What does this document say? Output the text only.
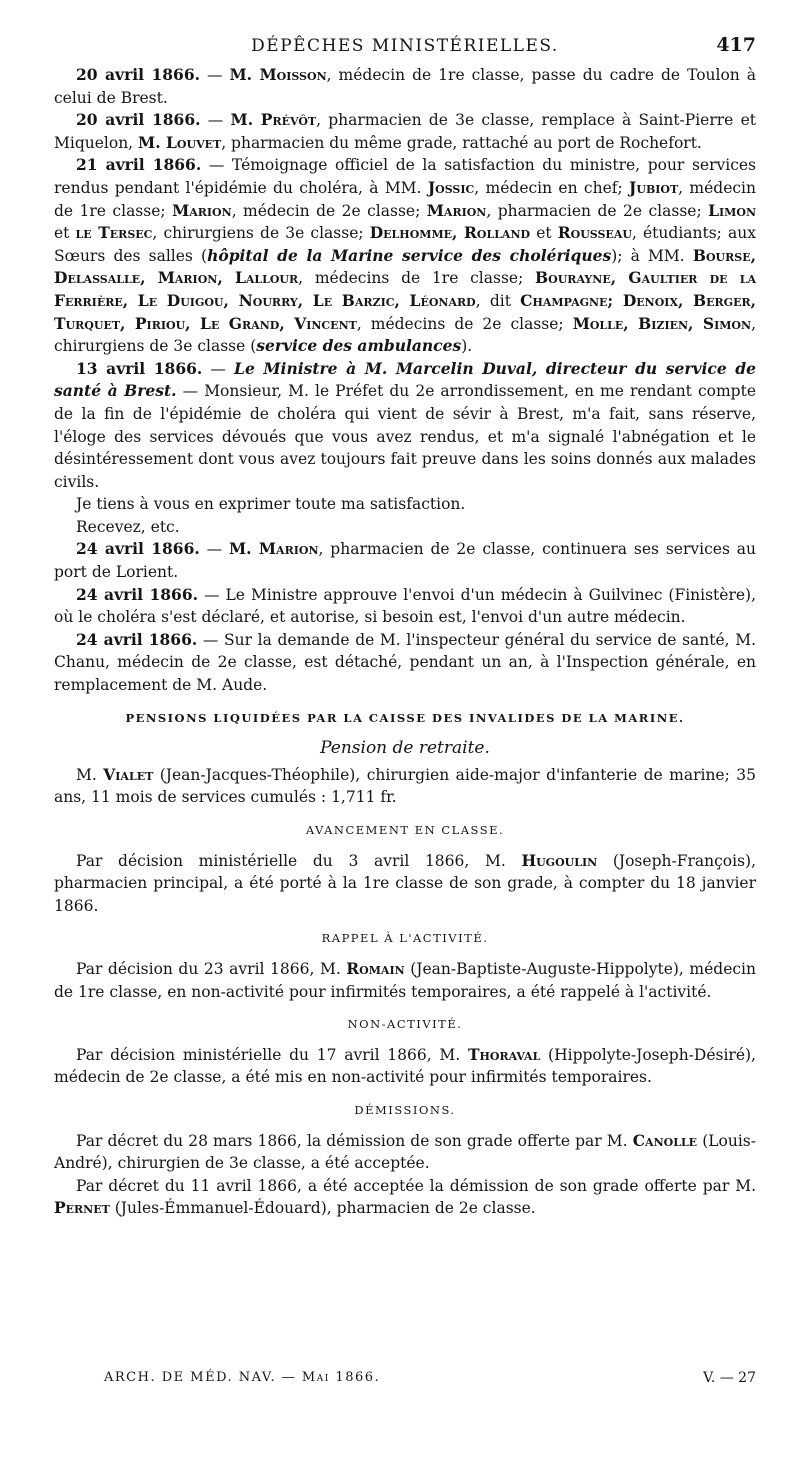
DÉPÊCHES MINISTÉRIELLES.	417

20 avril 1866. — M. Moisson, médecin de 1re classe, passe du cadre de Toulon à celui de Brest.

20 avril 1866. — M. Prévôt, pharmacien de 3e classe, remplace à Saint-Pierre et Miquelon, M. Louvet, pharmacien du même grade, rattaché au port de Rochefort.

21 avril 1866. — Témoignage officiel de la satisfaction du ministre, pour services rendus pendant l'épidémie du choléra, à MM. Jossic, médecin en chef; Jubiot, médecin de 1re classe; Marion, médecin de 2e classe; Marion, pharmacien de 2e classe; Limon et le Tersec, chirurgiens de 3e classe; Delhomme, Rolland et Rousseau, étudiants; aux Sœurs des salles (hôpital de la Marine service des cholériques); à MM. Bourse, Delassalle, Marion, Lallour, médecins de 1re classe; Bourayne, Gaultier de la Ferrière, Le Duigou, Nourry, Le Barzic, Léonard, dit Champagne; Denoix, Berger, Turquet, Piriou, Le Grand, Vincent, médecins de 2e classe; Molle, Bizien, Simon, chirurgiens de 3e classe (service des ambulances).

13 avril 1866. — Le Ministre à M. Marcelin Duval, directeur du service de santé à Brest. — Monsieur, M. le Préfet du 2e arrondissement, en me rendant compte de la fin de l'épidémie de choléra qui vient de sévir à Brest, m'a fait, sans réserve, l'éloge des services dévoués que vous avez rendus, et m'a signalé l'abnégation et le désintéressement dont vous avez toujours fait preuve dans les soins donnés aux malades civils.

Je tiens à vous en exprimer toute ma satisfaction.

Recevez, etc.

24 avril 1866. — M. Marion, pharmacien de 2e classe, continuera ses services au port de Lorient.

24 avril 1866. — Le Ministre approuve l'envoi d'un médecin à Guilvinec (Finistère), où le choléra s'est déclaré, et autorise, si besoin est, l'envoi d'un autre médecin.

24 avril 1866. — Sur la demande de M. l'inspecteur général du service de santé, M. Chanu, médecin de 2e classe, est détaché, pendant un an, à l'Inspection générale, en remplacement de M. Aude.

PENSIONS LIQUIDÉES PAR LA CAISSE DES INVALIDES DE LA MARINE.

Pension de retraite.

M. Vialet (Jean-Jacques-Théophile), chirurgien aide-major d'infanterie de marine; 35 ans, 11 mois de services cumulés : 1,711 fr.

AVANCEMENT EN CLASSE.

Par décision ministérielle du 3 avril 1866, M. Hugoulin (Joseph-François), pharmacien principal, a été porté à la 1re classe de son grade, à compter du 18 janvier 1866.

RAPPEL À L'ACTIVITÉ.

Par décision du 23 avril 1866, M. Romain (Jean-Baptiste-Auguste-Hippolyte), médecin de 1re classe, en non-activité pour infirmités temporaires, a été rappelé à l'activité.

NON-ACTIVITÉ.

Par décision ministérielle du 17 avril 1866, M. Thoraval (Hippolyte-Joseph-Désiré), médecin de 2e classe, a été mis en non-activité pour infirmités temporaires.

DÉMISSIONS.

Par décret du 28 mars 1866, la démission de son grade offerte par M. Canolle (Louis-André), chirurgien de 3e classe, a été acceptée.

Par décret du 11 avril 1866, a été acceptée la démission de son grade offerte par M. Pernet (Jules-Émmanuel-Édouard), pharmacien de 2e classe.

ARCH. DE MÉD. NAV. — Mai 1866.	V. — 27
